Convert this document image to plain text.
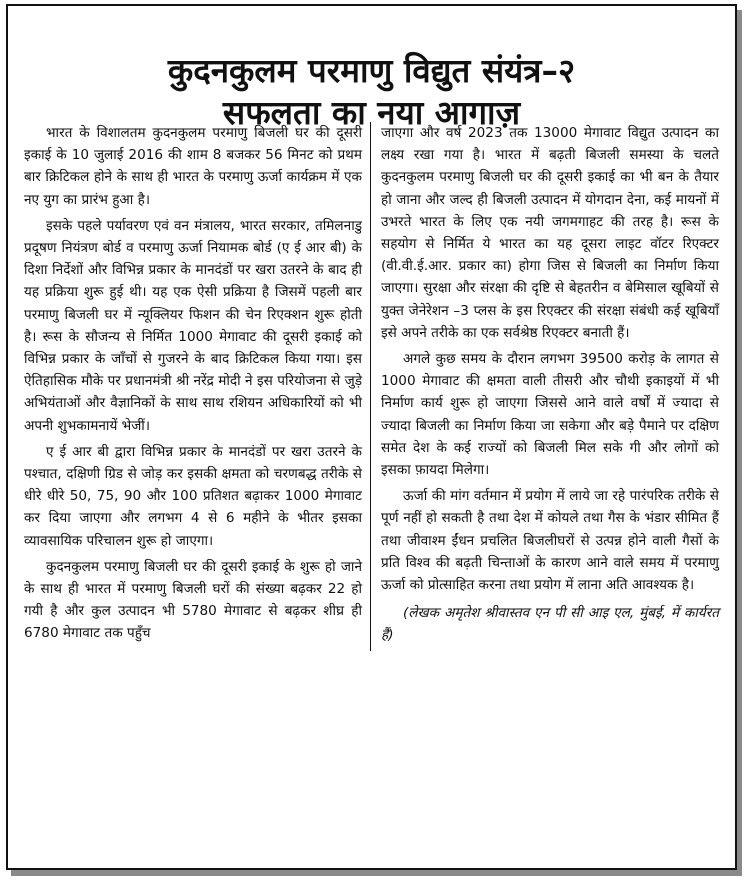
कुदनकुलम परमाणु विद्युत संयंत्र–२
सफलता का नया आगाज़

भारत के विशालतम कुदनकुलम परमाणु बिजली घर की दूसरी इकाई के 10 जुलाई 2016 की शाम 8 बजकर 56 मिनट को प्रथम बार क्रिटिकल होने के साथ ही भारत के परमाणु ऊर्जा कार्यक्रम में एक नए युग का प्रारंभ हुआ है।

इसके पहले पर्यावरण एवं वन मंत्रालय, भारत सरकार, तमिलनाडु प्रदूषण नियंत्रण बोर्ड व परमाणु ऊर्जा नियामक बोर्ड (ए ई आर बी) के दिशा निर्देशों और विभिन्न प्रकार के मानदंडों पर खरा उतरने के बाद ही यह प्रक्रिया शुरू हुई थी। यह एक ऐसी प्रक्रिया है जिसमें पहली बार परमाणु बिजली घर में न्यूक्लियर फिशन की चेन रिएक्शन शुरू होती है। रूस के सौजन्य से निर्मित 1000 मेगावाट की दूसरी इकाई को विभिन्न प्रकार के जाँचों से गुजरने के बाद क्रिटिकल किया गया। इस ऐतिहासिक मौके पर प्रधानमंत्री श्री नरेंद्र मोदी ने इस परियोजना से जुड़े अभियंताओं और वैज्ञानिकों के साथ साथ रशियन अधिकारियों को भी अपनी शुभकामनायें भेजीं।

ए ई आर बी द्वारा विभिन्न प्रकार के मानदंडों पर खरा उतरने के पश्चात, दक्षिणी ग्रिड से जोड़ कर इसकी क्षमता को चरणबद्ध तरीके से धीरे धीरे 50, 75, 90 और 100 प्रतिशत बढ़ाकर 1000 मेगावाट कर दिया जाएगा और लगभग 4 से 6 महीने के भीतर इसका व्यावसायिक परिचालन शुरू हो जाएगा।

कुदनकुलम परमाणु बिजली घर की दूसरी इकाई के शुरू हो जाने के साथ ही भारत में परमाणु बिजली घरों की संख्या बढ़कर 22 हो गयी है और कुल उत्पादन भी 5780 मेगावाट से बढ़कर शीघ्र ही 6780 मेगावाट तक पहुँच

जाएगा और वर्ष 2023 तक 13000 मेगावाट विद्युत उत्पादन का लक्ष्य रखा गया है। भारत में बढ़ती बिजली समस्या के चलते कुदनकुलम परमाणु बिजली घर की दूसरी इकाई का भी बन के तैयार हो जाना और जल्द ही बिजली उत्पादन में योगदान देना, कई मायनों में उभरते भारत के लिए एक नयी जगमगाहट की तरह है। रूस के सहयोग से निर्मित ये भारत का यह दूसरा लाइट वॉटर रिएक्टर (वी.वी.ई.आर. प्रकार का) होगा जिस से बिजली का निर्माण किया जाएगा। सुरक्षा और संरक्षा की दृष्टि से बेहतरीन व बेमिसाल खूबियों से युक्त जेनेरेशन –3 प्लस के इस रिएक्टर की संरक्षा संबंधी कई खूबियाँ इसे अपने तरीके का एक सर्वश्रेष्ठ रिएक्टर बनाती हैं।

अगले कुछ समय के दौरान लगभग 39500 करोड़ के लागत से 1000 मेगावाट की क्षमता वाली तीसरी और चौथी इकाइयों में भी निर्माण कार्य शुरू हो जाएगा जिससे आने वाले वर्षों में ज्यादा से ज्यादा बिजली का निर्माण किया जा सकेगा और बड़े पैमाने पर दक्षिण समेत देश के कई राज्यों को बिजली मिल सके गी और लोगों को इसका फ़ायदा मिलेगा।

ऊर्जा की मांग वर्तमान में प्रयोग में लाये जा रहे पारंपरिक तरीके से पूर्ण नहीं हो सकती है तथा देश में कोयले तथा गैस के भंडार सीमित हैं तथा जीवाश्म ईंधन प्रचलित बिजलीघरों से उत्पन्न होने वाली गैसों के प्रति विश्व की बढ़ती चिन्ताओं के कारण आने वाले समय में परमाणु ऊर्जा को प्रोत्साहित करना तथा प्रयोग में लाना अति आवश्यक है।

(लेखक अमृतेश श्रीवास्तव एन पी सी आइ एल, मुंबई, में कार्यरत हैं)
